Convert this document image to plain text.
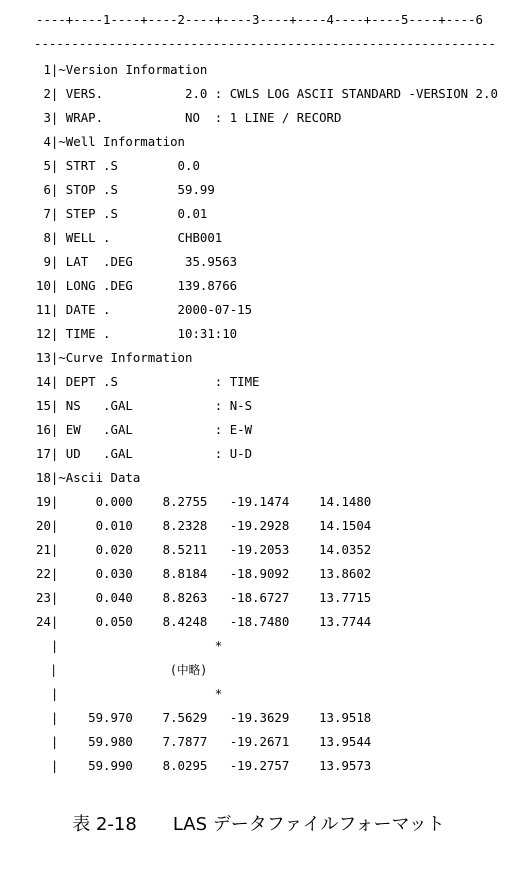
----+----1----+----2----+----3----+----4----+----5----+----6
--------------------------------------------------------------
1|~Version Information
2| VERS.           2.0 : CWLS LOG ASCII STANDARD -VERSION 2.0
3| WRAP.           NO  : 1 LINE / RECORD
4|~Well Information
5| STRT .S        0.0
6| STOP .S        59.99
7| STEP .S        0.01
8| WELL .         CHB001
9| LAT  .DEG       35.9563
10| LONG .DEG      139.8766
11| DATE .         2000-07-15
12| TIME .         10:31:10
13|~Curve Information
14| DEPT .S             : TIME
15| NS   .GAL           : N-S
16| EW   .GAL           : E-W
17| UD   .GAL           : U-D
18|~Ascii Data
19|     0.000    8.2755   -19.1474    14.1480
20|     0.010    8.2328   -19.2928    14.1504
21|     0.020    8.5211   -19.2053    14.0352
22|     0.030    8.8184   -18.9092    13.8602
23|     0.040    8.8263   -18.6727    13.7715
24|     0.050    8.4248   -18.7480    13.7744
|                     *
|                (中略)
|                     *
|    59.970    7.5629   -19.3629    13.9518
|    59.980    7.7877   -19.2671    13.9544
|    59.990    8.0295   -19.2757    13.9573
表 2-18　　LAS データファイルフォーマット
